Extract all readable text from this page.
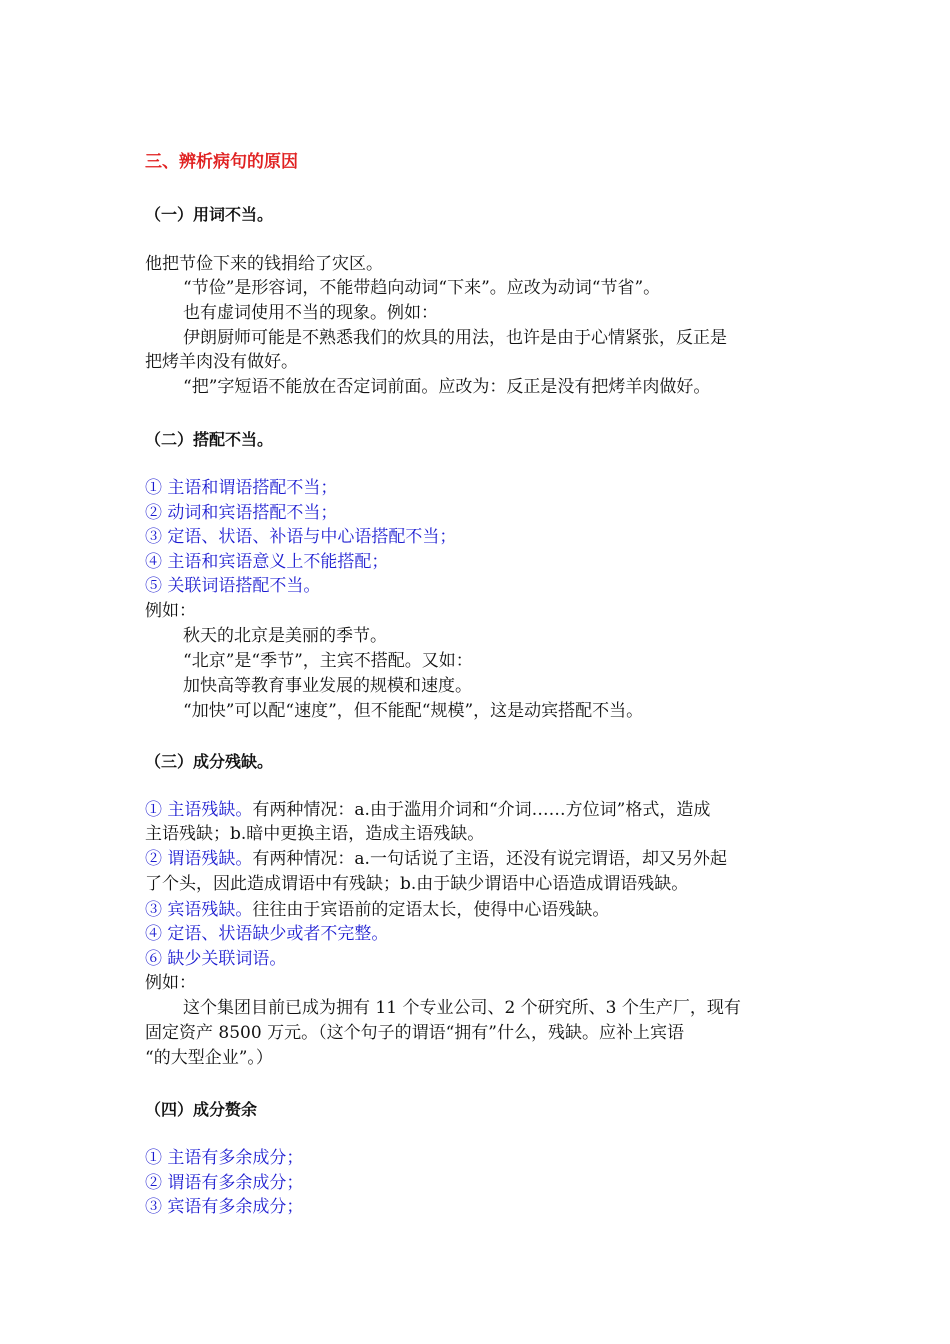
三、辨析病句的原因
（一）用词不当。
他把节俭下来的钱捐给了灾区。
“节俭”是形容词，不能带趋向动词“下来”。应改为动词“节省”。
也有虚词使用不当的现象。例如：
伊朗厨师可能是不熟悉我们的炊具的用法，也许是由于心情紧张，反正是
把烤羊肉没有做好。
“把”字短语不能放在否定词前面。应改为：反正是没有把烤羊肉做好。
（二）搭配不当。
① 主语和谓语搭配不当；
② 动词和宾语搭配不当；
③ 定语、状语、补语与中心语搭配不当；
④ 主语和宾语意义上不能搭配；
⑤ 关联词语搭配不当。
例如：
秋天的北京是美丽的季节。
“北京”是“季节”，主宾不搭配。又如：
加快高等教育事业发展的规模和速度。
“加快”可以配“速度”，但不能配“规模”，这是动宾搭配不当。
（三）成分残缺。
① 主语残缺。有两种情况：a.由于滥用介词和“介词……方位词”格式，造成
主语残缺；b.暗中更换主语，造成主语残缺。
② 谓语残缺。有两种情况：a.一句话说了主语，还没有说完谓语，却又另外起
了个头，因此造成谓语中有残缺；b.由于缺少谓语中心语造成谓语残缺。
③ 宾语残缺。往往由于宾语前的定语太长，使得中心语残缺。
④ 定语、状语缺少或者不完整。
⑥ 缺少关联词语。
例如：
这个集团目前已成为拥有 11 个专业公司、2 个研究所、3 个生产厂，现有
固定资产 8500 万元。（这个句子的谓语“拥有”什么，残缺。应补上宾语
“的大型企业”。）
（四）成分赘余
① 主语有多余成分；
② 谓语有多余成分；
③ 宾语有多余成分；
